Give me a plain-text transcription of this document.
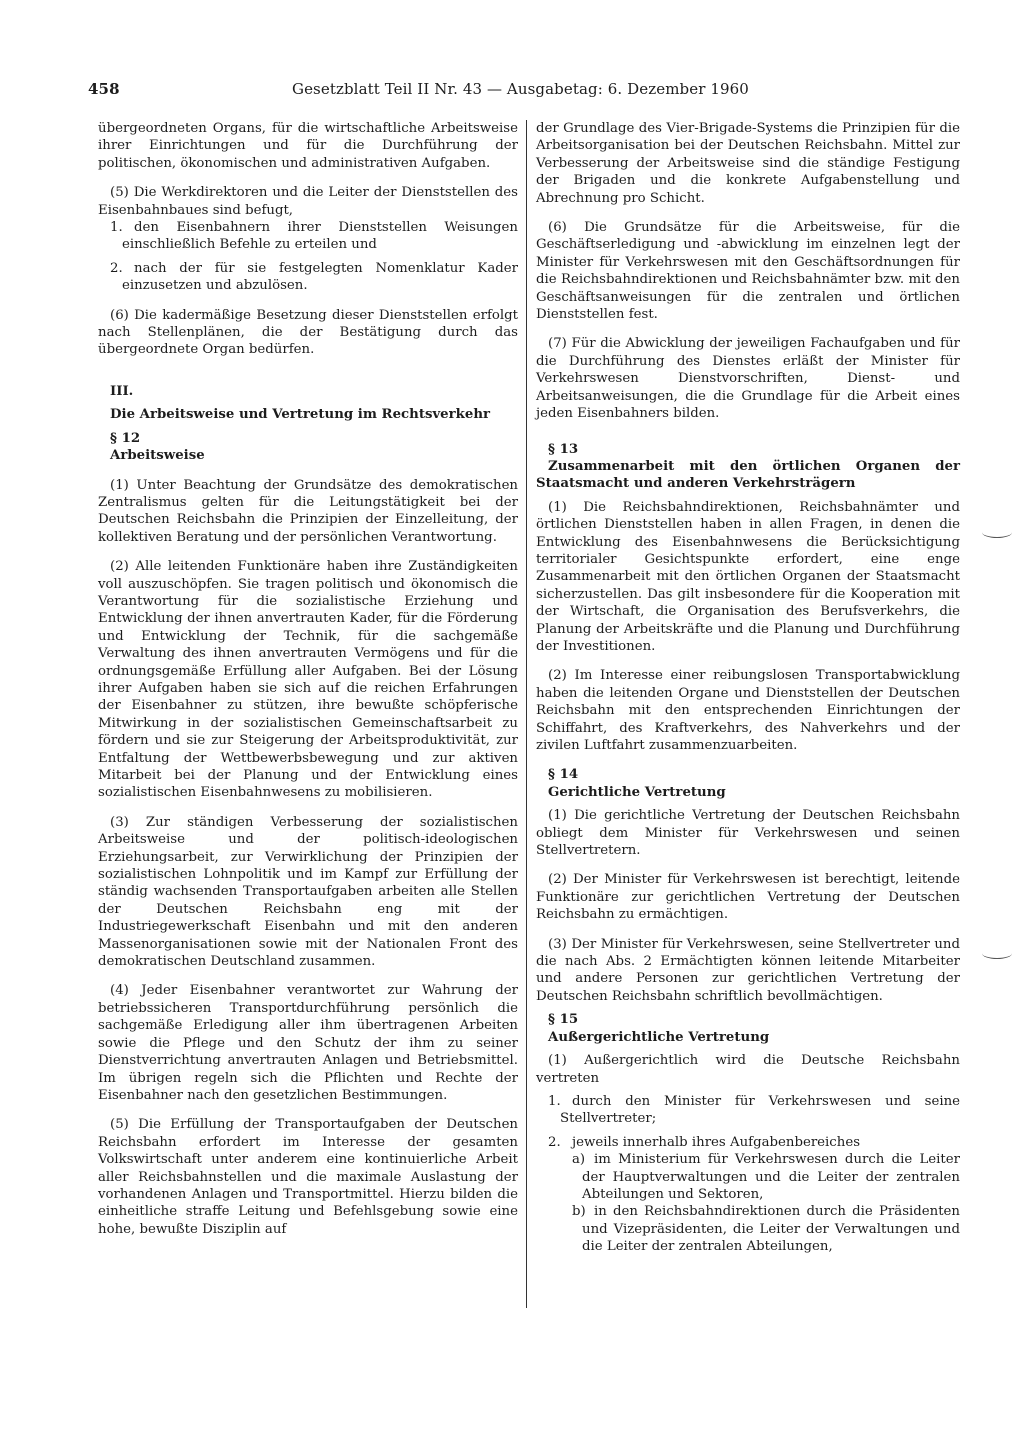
458	Gesetzblatt Teil II Nr. 43 — Ausgabetag: 6. Dezember 1960

übergeordneten Organs, für die wirtschaftliche Arbeitsweise ihrer Einrichtungen und für die Durchführung der politischen, ökonomischen und administrativen Aufgaben.

(5) Die Werkdirektoren und die Leiter der Dienststellen des Eisenbahnbaues sind befugt,

1. den Eisenbahnern ihrer Dienststellen Weisungen einschließlich Befehle zu erteilen und

2. nach der für sie festgelegten Nomenklatur Kader einzusetzen und abzulösen.

(6) Die kadermäßige Besetzung dieser Dienststellen erfolgt nach Stellenplänen, die der Bestätigung durch das übergeordnete Organ bedürfen.

III.

Die Arbeitsweise und Vertretung im Rechtsverkehr

§ 12

Arbeitsweise

(1) Unter Beachtung der Grundsätze des demokratischen Zentralismus gelten für die Leitungstätigkeit bei der Deutschen Reichsbahn die Prinzipien der Einzelleitung, der kollektiven Beratung und der persönlichen Verantwortung.

(2) Alle leitenden Funktionäre haben ihre Zuständigkeiten voll auszuschöpfen. Sie tragen politisch und ökonomisch die Verantwortung für die sozialistische Erziehung und Entwicklung der ihnen anvertrauten Kader, für die Förderung und Entwicklung der Technik, für die sachgemäße Verwaltung des ihnen anvertrauten Vermögens und für die ordnungsgemäße Erfüllung aller Aufgaben. Bei der Lösung ihrer Aufgaben haben sie sich auf die reichen Erfahrungen der Eisenbahner zu stützen, ihre bewußte schöpferische Mitwirkung in der sozialistischen Gemeinschaftsarbeit zu fördern und sie zur Steigerung der Arbeitsproduktivität, zur Entfaltung der Wettbewerbsbewegung und zur aktiven Mitarbeit bei der Planung und der Entwicklung eines sozialistischen Eisenbahnwesens zu mobilisieren.

(3) Zur ständigen Verbesserung der sozialistischen Arbeitsweise und der politisch-ideologischen Erziehungsarbeit, zur Verwirklichung der Prinzipien der sozialistischen Lohnpolitik und im Kampf zur Erfüllung der ständig wachsenden Transportaufgaben arbeiten alle Stellen der Deutschen Reichsbahn eng mit der Industriegewerkschaft Eisenbahn und mit den anderen Massenorganisationen sowie mit der Nationalen Front des demokratischen Deutschland zusammen.

(4) Jeder Eisenbahner verantwortet zur Wahrung der betriebssicheren Transportdurchführung persönlich die sachgemäße Erledigung aller ihm übertragenen Arbeiten sowie die Pflege und den Schutz der ihm zu seiner Dienstverrichtung anvertrauten Anlagen und Betriebsmittel. Im übrigen regeln sich die Pflichten und Rechte der Eisenbahner nach den gesetzlichen Bestimmungen.

(5) Die Erfüllung der Transportaufgaben der Deutschen Reichsbahn erfordert im Interesse der gesamten Volkswirtschaft unter anderem eine kontinuierliche Arbeit aller Reichsbahnstellen und die maximale Auslastung der vorhandenen Anlagen und Transportmittel. Hierzu bilden die einheitliche straffe Leitung und Befehlsgebung sowie eine hohe, bewußte Disziplin auf

der Grundlage des Vier-Brigade-Systems die Prinzipien für die Arbeitsorganisation bei der Deutschen Reichsbahn. Mittel zur Verbesserung der Arbeitsweise sind die ständige Festigung der Brigaden und die konkrete Aufgabenstellung und Abrechnung pro Schicht.

(6) Die Grundsätze für die Arbeitsweise, für die Geschäftserledigung und -abwicklung im einzelnen legt der Minister für Verkehrswesen mit den Geschäftsordnungen für die Reichsbahndirektionen und Reichsbahnämter bzw. mit den Geschäftsanweisungen für die zentralen und örtlichen Dienststellen fest.

(7) Für die Abwicklung der jeweiligen Fachaufgaben und für die Durchführung des Dienstes erläßt der Minister für Verkehrswesen Dienstvorschriften, Dienst- und Arbeitsanweisungen, die die Grundlage für die Arbeit eines jeden Eisenbahners bilden.

§ 13

Zusammenarbeit mit den örtlichen Organen der Staatsmacht und anderen Verkehrsträgern

(1) Die Reichsbahndirektionen, Reichsbahnämter und örtlichen Dienststellen haben in allen Fragen, in denen die Entwicklung des Eisenbahnwesens die Berücksichtigung territorialer Gesichtspunkte erfordert, eine enge Zusammenarbeit mit den örtlichen Organen der Staatsmacht sicherzustellen. Das gilt insbesondere für die Kooperation mit der Wirtschaft, die Organisation des Berufsverkehrs, die Planung der Arbeitskräfte und die Planung und Durchführung der Investitionen.

(2) Im Interesse einer reibungslosen Transportabwicklung haben die leitenden Organe und Dienststellen der Deutschen Reichsbahn mit den entsprechenden Einrichtungen der Schiffahrt, des Kraftverkehrs, des Nahverkehrs und der zivilen Luftfahrt zusammenzuarbeiten.

§ 14

Gerichtliche Vertretung

(1) Die gerichtliche Vertretung der Deutschen Reichsbahn obliegt dem Minister für Verkehrswesen und seinen Stellvertretern.

(2) Der Minister für Verkehrswesen ist berechtigt, leitende Funktionäre zur gerichtlichen Vertretung der Deutschen Reichsbahn zu ermächtigen.

(3) Der Minister für Verkehrswesen, seine Stellvertreter und die nach Abs. 2 Ermächtigten können leitende Mitarbeiter und andere Personen zur gerichtlichen Vertretung der Deutschen Reichsbahn schriftlich bevollmächtigen.

§ 15

Außergerichtliche Vertretung

(1) Außergerichtlich wird die Deutsche Reichsbahn vertreten

1. durch den Minister für Verkehrswesen und seine Stellvertreter;

2. jeweils innerhalb ihres Aufgabenbereiches

a) im Ministerium für Verkehrswesen durch die Leiter der Hauptverwaltungen und die Leiter der zentralen Abteilungen und Sektoren,

b) in den Reichsbahndirektionen durch die Präsidenten und Vizepräsidenten, die Leiter der Verwaltungen und die Leiter der zentralen Abteilungen,
